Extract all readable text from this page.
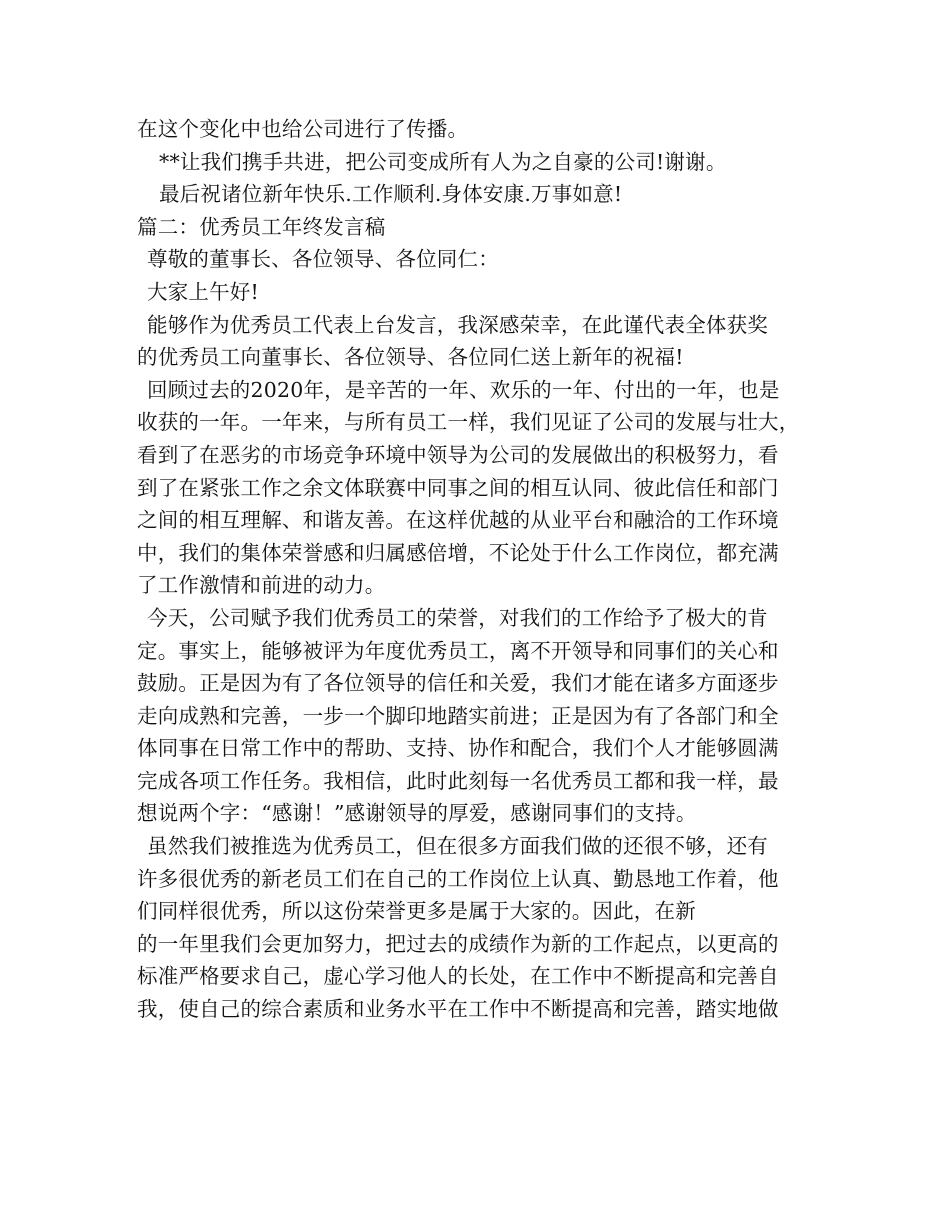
在这个变化中也给公司进行了传播。
**让我们携手共进，把公司变成所有人为之自豪的公司!谢谢。
最后祝诸位新年快乐.工作顺利.身体安康.万事如意!
篇二：优秀员工年终发言稿
尊敬的董事长、各位领导、各位同仁：
大家上午好!
能够作为优秀员工代表上台发言，我深感荣幸，在此谨代表全体获奖
的优秀员工向董事长、各位领导、各位同仁送上新年的祝福!
回顾过去的2020年，是辛苦的一年、欢乐的一年、付出的一年，也是
收获的一年。一年来，与所有员工一样，我们见证了公司的发展与壮大，
看到了在恶劣的市场竞争环境中领导为公司的发展做出的积极努力，看
到了在紧张工作之余文体联赛中同事之间的相互认同、彼此信任和部门
之间的相互理解、和谐友善。在这样优越的从业平台和融洽的工作环境
中，我们的集体荣誉感和归属感倍增，不论处于什么工作岗位，都充满
了工作激情和前进的动力。
今天，公司赋予我们优秀员工的荣誉，对我们的工作给予了极大的肯
定。事实上，能够被评为年度优秀员工，离不开领导和同事们的关心和
鼓励。正是因为有了各位领导的信任和关爱，我们才能在诸多方面逐步
走向成熟和完善，一步一个脚印地踏实前进；正是因为有了各部门和全
体同事在日常工作中的帮助、支持、协作和配合，我们个人才能够圆满
完成各项工作任务。我相信，此时此刻每一名优秀员工都和我一样，最
想说两个字：“感谢！”感谢领导的厚爱，感谢同事们的支持。
虽然我们被推选为优秀员工，但在很多方面我们做的还很不够，还有
许多很优秀的新老员工们在自己的工作岗位上认真、勤恳地工作着，他
们同样很优秀，所以这份荣誉更多是属于大家的。因此，在新
的一年里我们会更加努力，把过去的成绩作为新的工作起点，以更高的
标准严格要求自己，虚心学习他人的长处，在工作中不断提高和完善自
我，使自己的综合素质和业务水平在工作中不断提高和完善，踏实地做
